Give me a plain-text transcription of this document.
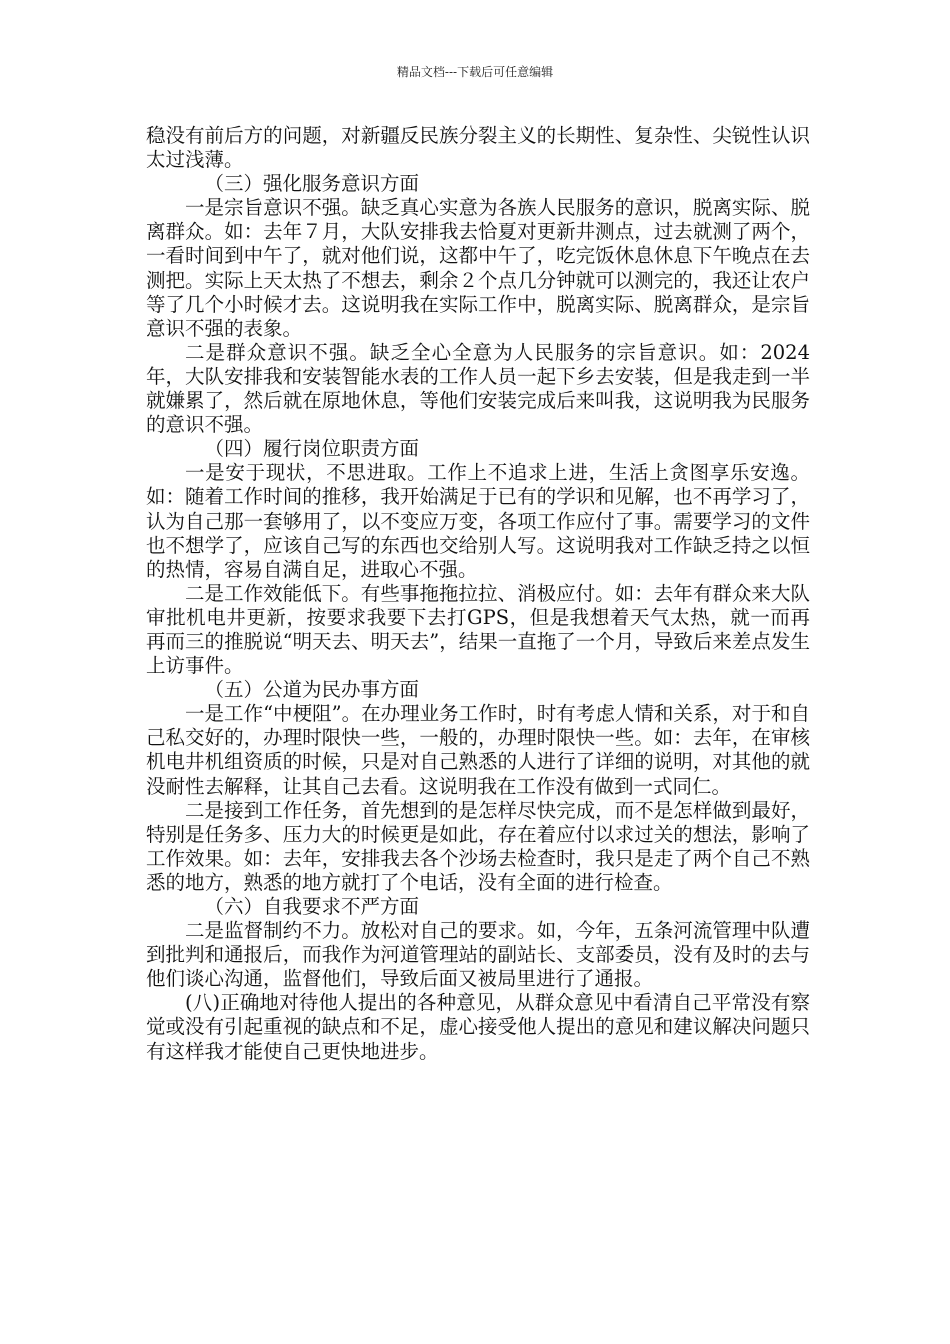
精品文档---下载后可任意编辑

稳没有前后方的问题，对新疆反民族分裂主义的长期性、复杂性、尖锐性认识太过浅薄。

（三）强化服务意识方面

一是宗旨意识不强。缺乏真心实意为各族人民服务的意识，脱离实际、脱离群众。如：去年７月，大队安排我去恰夏对更新井测点，过去就测了两个，一看时间到中午了，就对他们说，这都中午了，吃完饭休息休息下午晚点在去测把。实际上天太热了不想去，剩余２个点几分钟就可以测完的，我还让农户等了几个小时候才去。这说明我在实际工作中，脱离实际、脱离群众，是宗旨意识不强的表象。

二是群众意识不强。缺乏全心全意为人民服务的宗旨意识。如：2024年，大队安排我和安装智能水表的工作人员一起下乡去安装，但是我走到一半就嫌累了，然后就在原地休息，等他们安装完成后来叫我，这说明我为民服务的意识不强。

（四）履行岗位职责方面

一是安于现状，不思进取。工作上不追求上进，生活上贪图享乐安逸。如：随着工作时间的推移，我开始满足于已有的学识和见解，也不再学习了，认为自己那一套够用了，以不变应万变，各项工作应付了事。需要学习的文件也不想学了，应该自己写的东西也交给别人写。这说明我对工作缺乏持之以恒的热情，容易自满自足，进取心不强。

二是工作效能低下。有些事拖拖拉拉、消极应付。如：去年有群众来大队审批机电井更新，按要求我要下去打GPS，但是我想着天气太热，就一而再再而三的推脱说“明天去、明天去”，结果一直拖了一个月，导致后来差点发生上访事件。

（五）公道为民办事方面

一是工作“中梗阻”。在办理业务工作时，时有考虑人情和关系，对于和自己私交好的，办理时限快一些，一般的，办理时限快一些。如：去年，在审核机电井机组资质的时候，只是对自己熟悉的人进行了详细的说明，对其他的就没耐性去解释，让其自己去看。这说明我在工作没有做到一式同仁。

二是接到工作任务，首先想到的是怎样尽快完成，而不是怎样做到最好，特别是任务多、压力大的时候更是如此，存在着应付以求过关的想法，影响了工作效果。如：去年，安排我去各个沙场去检查时，我只是走了两个自己不熟悉的地方，熟悉的地方就打了个电话，没有全面的进行检查。

（六）自我要求不严方面

二是监督制约不力。放松对自己的要求。如，今年，五条河流管理中队遭到批判和通报后，而我作为河道管理站的副站长、支部委员，没有及时的去与他们谈心沟通，监督他们，导致后面又被局里进行了通报。

(八)正确地对待他人提出的各种意见，从群众意见中看清自己平常没有察觉或没有引起重视的缺点和不足，虚心接受他人提出的意见和建议解决问题只有这样我才能使自己更快地进步。
